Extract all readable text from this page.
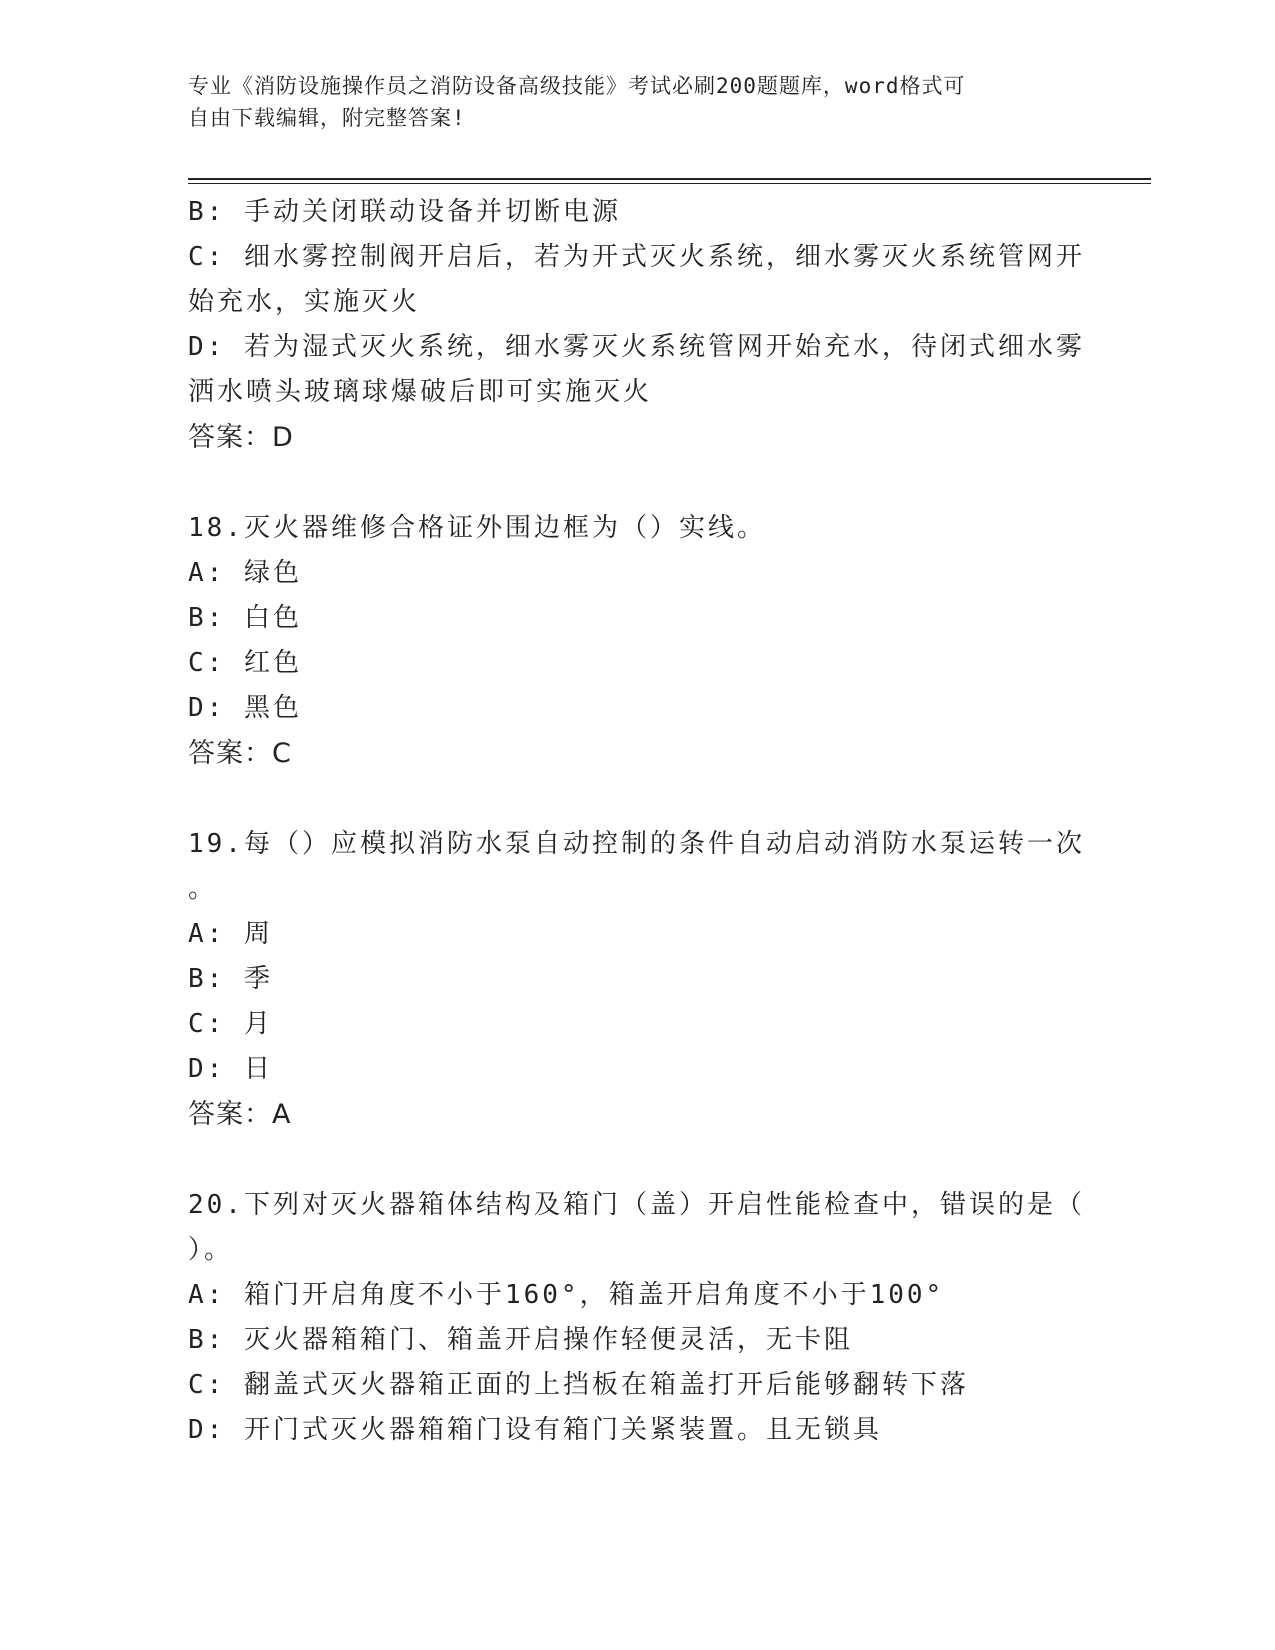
专业《消防设施操作员之消防设备高级技能》考试必刷200题题库，word格式可
自由下载编辑，附完整答案!
B: 手动关闭联动设备并切断电源
C: 细水雾控制阀开启后，若为开式灭火系统，细水雾灭火系统管网开
始充水，实施灭火
D: 若为湿式灭火系统，细水雾灭火系统管网开始充水，待闭式细水雾
洒水喷头玻璃球爆破后即可实施灭火
答案：D
18.灭火器维修合格证外围边框为（）实线。
A: 绿色
B: 白色
C: 红色
D: 黑色
答案：C
19.每（）应模拟消防水泵自动控制的条件自动启动消防水泵运转一次
。
A: 周
B: 季
C: 月
D: 日
答案：A
20.下列对灭火器箱体结构及箱门（盖）开启性能检查中，错误的是（
）。
A: 箱门开启角度不小于160°，箱盖开启角度不小于100°
B: 灭火器箱箱门、箱盖开启操作轻便灵活，无卡阻
C: 翻盖式灭火器箱正面的上挡板在箱盖打开后能够翻转下落
D: 开门式灭火器箱箱门设有箱门关紧装置。且无锁具
